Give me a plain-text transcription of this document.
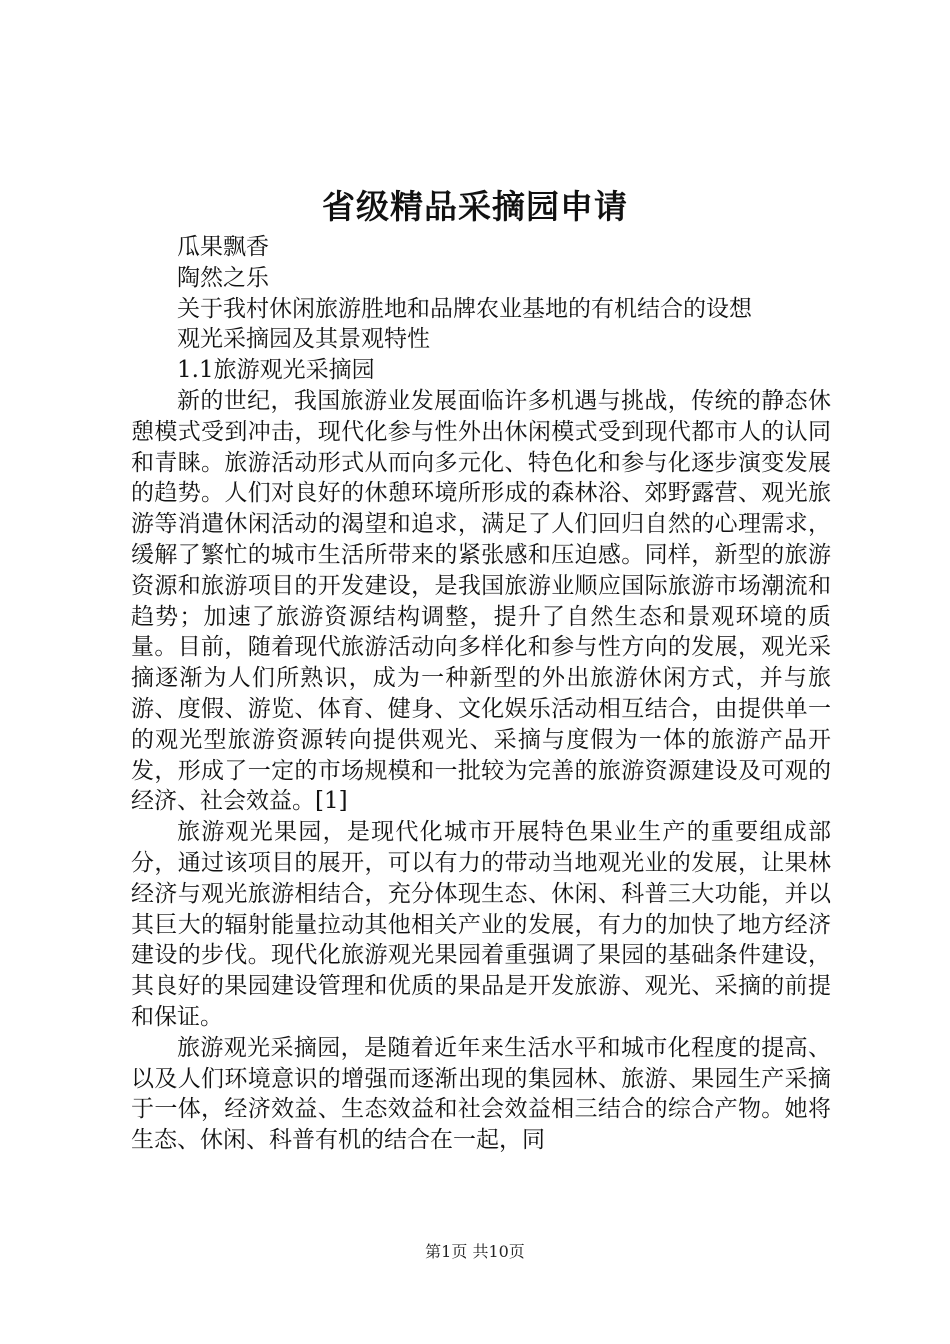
省级精品采摘园申请

瓜果飘香

陶然之乐

关于我村休闲旅游胜地和品牌农业基地的有机结合的设想

观光采摘园及其景观特性

1.1旅游观光采摘园

新的世纪，我国旅游业发展面临许多机遇与挑战，传统的静态休憩模式受到冲击，现代化参与性外出休闲模式受到现代都市人的认同和青睐。旅游活动形式从而向多元化、特色化和参与化逐步演变发展的趋势。人们对良好的休憩环境所形成的森林浴、郊野露营、观光旅游等消遣休闲活动的渴望和追求，满足了人们回归自然的心理需求，缓解了繁忙的城市生活所带来的紧张感和压迫感。同样，新型的旅游资源和旅游项目的开发建设，是我国旅游业顺应国际旅游市场潮流和趋势；加速了旅游资源结构调整，提升了自然生态和景观环境的质量。目前，随着现代旅游活动向多样化和参与性方向的发展，观光采摘逐渐为人们所熟识，成为一种新型的外出旅游休闲方式，并与旅游、度假、游览、体育、健身、文化娱乐活动相互结合，由提供单一的观光型旅游资源转向提供观光、采摘与度假为一体的旅游产品开发，形成了一定的市场规模和一批较为完善的旅游资源建设及可观的经济、社会效益。[1]

旅游观光果园，是现代化城市开展特色果业生产的重要组成部分，通过该项目的展开，可以有力的带动当地观光业的发展，让果林经济与观光旅游相结合，充分体现生态、休闲、科普三大功能，并以其巨大的辐射能量拉动其他相关产业的发展，有力的加快了地方经济建设的步伐。现代化旅游观光果园着重强调了果园的基础条件建设，其良好的果园建设管理和优质的果品是开发旅游、观光、采摘的前提和保证。

旅游观光采摘园，是随着近年来生活水平和城市化程度的提高、以及人们环境意识的增强而逐渐出现的集园林、旅游、果园生产采摘于一体，经济效益、生态效益和社会效益相三结合的综合产物。她将生态、休闲、科普有机的结合在一起，同

第1页 共10页
